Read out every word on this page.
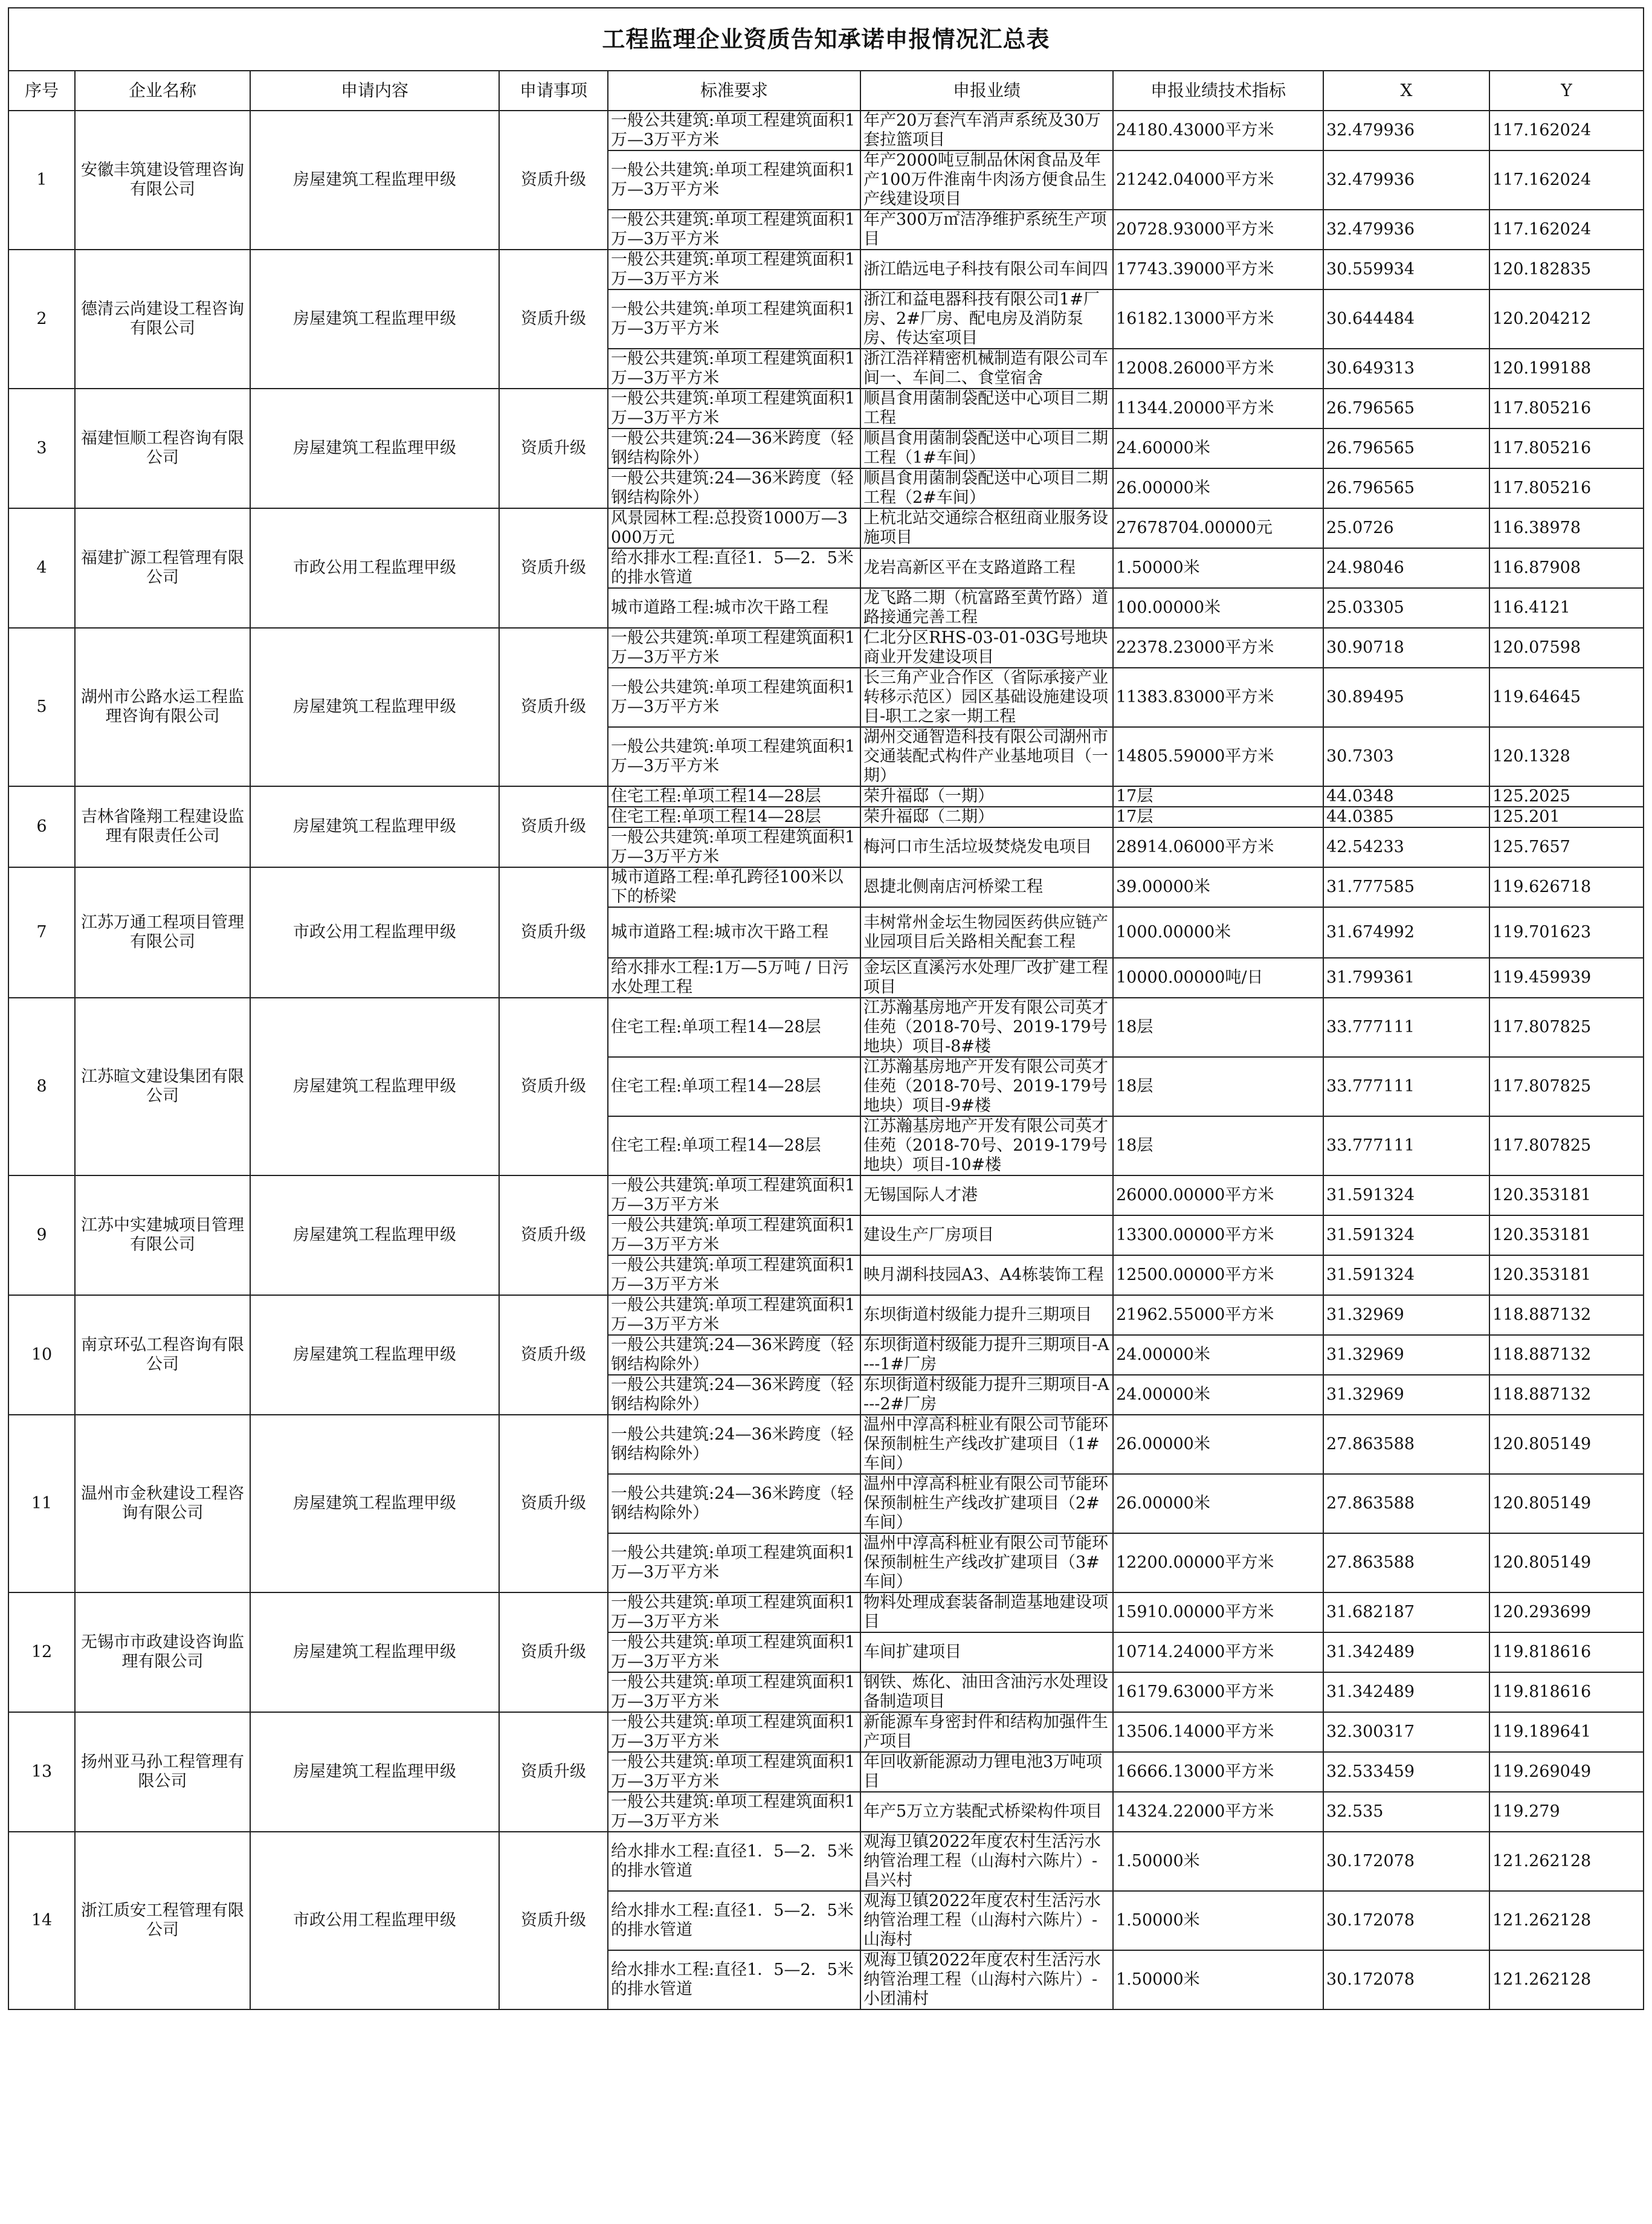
工程监理企业资质告知承诺申报情况汇总表								
序号	企业名称	申请内容	申请事项	标准要求	申报业绩	申报业绩技术指标	X	Y
1	安徽丰筑建设管理咨询有限公司	房屋建筑工程监理甲级	资质升级	一般公共建筑:单项工程建筑面积1万—3万平方米	年产20万套汽车消声系统及30万套拉篮项目	24180.43000平方米	32.479936	117.162024
				一般公共建筑:单项工程建筑面积1万—3万平方米	年产2000吨豆制品休闲食品及年产100万件淮南牛肉汤方便食品生产线建设项目	21242.04000平方米	32.479936	117.162024
				一般公共建筑:单项工程建筑面积1万—3万平方米	年产300万㎡洁净维护系统生产项目	20728.93000平方米	32.479936	117.162024
2	德清云尚建设工程咨询有限公司	房屋建筑工程监理甲级	资质升级	一般公共建筑:单项工程建筑面积1万—3万平方米	浙江皓远电子科技有限公司车间四	17743.39000平方米	30.559934	120.182835
				一般公共建筑:单项工程建筑面积1万—3万平方米	浙江和益电器科技有限公司1#厂房、2#厂房、配电房及消防泵房、传达室项目	16182.13000平方米	30.644484	120.204212
				一般公共建筑:单项工程建筑面积1万—3万平方米	浙江浩祥精密机械制造有限公司车间一、车间二、食堂宿舍	12008.26000平方米	30.649313	120.199188
3	福建恒顺工程咨询有限公司	房屋建筑工程监理甲级	资质升级	一般公共建筑:单项工程建筑面积1万—3万平方米	顺昌食用菌制袋配送中心项目二期工程	11344.20000平方米	26.796565	117.805216
				一般公共建筑:24—36米跨度（轻钢结构除外）	顺昌食用菌制袋配送中心项目二期工程（1#车间）	24.60000米	26.796565	117.805216
				一般公共建筑:24—36米跨度（轻钢结构除外）	顺昌食用菌制袋配送中心项目二期工程（2#车间）	26.00000米	26.796565	117.805216
4	福建扩源工程管理有限公司	市政公用工程监理甲级	资质升级	风景园林工程:总投资1000万—3000万元	上杭北站交通综合枢纽商业服务设施项目	27678704.00000元	25.0726	116.38978
				给水排水工程:直径1．5—2．5米的排水管道	龙岩高新区平在支路道路工程	1.50000米	24.98046	116.87908
				城市道路工程:城市次干路工程	龙飞路二期（杭富路至黄竹路）道路接通完善工程	100.00000米	25.03305	116.4121
5	湖州市公路水运工程监理咨询有限公司	房屋建筑工程监理甲级	资质升级	一般公共建筑:单项工程建筑面积1万—3万平方米	仁北分区RHS-03-01-03G号地块商业开发建设项目	22378.23000平方米	30.90718	120.07598
				一般公共建筑:单项工程建筑面积1万—3万平方米	长三角产业合作区（省际承接产业转移示范区）园区基础设施建设项目-职工之家一期工程	11383.83000平方米	30.89495	119.64645
				一般公共建筑:单项工程建筑面积1万—3万平方米	湖州交通智造科技有限公司湖州市交通装配式构件产业基地项目（一期）	14805.59000平方米	30.7303	120.1328
6	吉林省隆翔工程建设监理有限责任公司	房屋建筑工程监理甲级	资质升级	住宅工程:单项工程14—28层	荣升福邸（一期）	17层	44.0348	125.2025
				住宅工程:单项工程14—28层	荣升福邸（二期）	17层	44.0385	125.201
				一般公共建筑:单项工程建筑面积1万—3万平方米	梅河口市生活垃圾焚烧发电项目	28914.06000平方米	42.54233	125.7657
7	江苏万通工程项目管理有限公司	市政公用工程监理甲级	资质升级	城市道路工程:单孔跨径100米以下的桥梁	恩捷北侧南店河桥梁工程	39.00000米	31.777585	119.626718
				城市道路工程:城市次干路工程	丰树常州金坛生物园医药供应链产业园项目后关路相关配套工程	1000.00000米	31.674992	119.701623
				给水排水工程:1万—5万吨 / 日污水处理工程	金坛区直溪污水处理厂改扩建工程项目	10000.00000吨/日	31.799361	119.459939
8	江苏暄文建设集团有限公司	房屋建筑工程监理甲级	资质升级	住宅工程:单项工程14—28层	江苏瀚基房地产开发有限公司英才佳苑（2018-70号、2019-179号地块）项目-8#楼	18层	33.777111	117.807825
				住宅工程:单项工程14—28层	江苏瀚基房地产开发有限公司英才佳苑（2018-70号、2019-179号地块）项目-9#楼	18层	33.777111	117.807825
				住宅工程:单项工程14—28层	江苏瀚基房地产开发有限公司英才佳苑（2018-70号、2019-179号地块）项目-10#楼	18层	33.777111	117.807825
9	江苏中实建城项目管理有限公司	房屋建筑工程监理甲级	资质升级	一般公共建筑:单项工程建筑面积1万—3万平方米	无锡国际人才港	26000.00000平方米	31.591324	120.353181
				一般公共建筑:单项工程建筑面积1万—3万平方米	建设生产厂房项目	13300.00000平方米	31.591324	120.353181
				一般公共建筑:单项工程建筑面积1万—3万平方米	映月湖科技园A3、A4栋装饰工程	12500.00000平方米	31.591324	120.353181
10	南京环弘工程咨询有限公司	房屋建筑工程监理甲级	资质升级	一般公共建筑:单项工程建筑面积1万—3万平方米	东坝街道村级能力提升三期项目	21962.55000平方米	31.32969	118.887132
				一般公共建筑:24—36米跨度（轻钢结构除外）	东坝街道村级能力提升三期项目-A---1#厂房	24.00000米	31.32969	118.887132
				一般公共建筑:24—36米跨度（轻钢结构除外）	东坝街道村级能力提升三期项目-A---2#厂房	24.00000米	31.32969	118.887132
11	温州市金秋建设工程咨询有限公司	房屋建筑工程监理甲级	资质升级	一般公共建筑:24—36米跨度（轻钢结构除外）	温州中淳高科桩业有限公司节能环保预制桩生产线改扩建项目（1#车间）	26.00000米	27.863588	120.805149
				一般公共建筑:24—36米跨度（轻钢结构除外）	温州中淳高科桩业有限公司节能环保预制桩生产线改扩建项目（2#车间）	26.00000米	27.863588	120.805149
				一般公共建筑:单项工程建筑面积1万—3万平方米	温州中淳高科桩业有限公司节能环保预制桩生产线改扩建项目（3#车间）	12200.00000平方米	27.863588	120.805149
12	无锡市市政建设咨询监理有限公司	房屋建筑工程监理甲级	资质升级	一般公共建筑:单项工程建筑面积1万—3万平方米	物料处理成套装备制造基地建设项目	15910.00000平方米	31.682187	120.293699
				一般公共建筑:单项工程建筑面积1万—3万平方米	车间扩建项目	10714.24000平方米	31.342489	119.818616
				一般公共建筑:单项工程建筑面积1万—3万平方米	钢铁、炼化、油田含油污水处理设备制造项目	16179.63000平方米	31.342489	119.818616
13	扬州亚马孙工程管理有限公司	房屋建筑工程监理甲级	资质升级	一般公共建筑:单项工程建筑面积1万—3万平方米	新能源车身密封件和结构加强件生产项目	13506.14000平方米	32.300317	119.189641
				一般公共建筑:单项工程建筑面积1万—3万平方米	年回收新能源动力锂电池3万吨项目	16666.13000平方米	32.533459	119.269049
				一般公共建筑:单项工程建筑面积1万—3万平方米	年产5万立方装配式桥梁构件项目	14324.22000平方米	32.535	119.279
14	浙江质安工程管理有限公司	市政公用工程监理甲级	资质升级	给水排水工程:直径1．5—2．5米的排水管道	观海卫镇2022年度农村生活污水纳管治理工程（山海村六陈片）-昌兴村	1.50000米	30.172078	121.262128
				给水排水工程:直径1．5—2．5米的排水管道	观海卫镇2022年度农村生活污水纳管治理工程（山海村六陈片）-山海村	1.50000米	30.172078	121.262128
				给水排水工程:直径1．5—2．5米的排水管道	观海卫镇2022年度农村生活污水纳管治理工程（山海村六陈片）-小团浦村	1.50000米	30.172078	121.262128
